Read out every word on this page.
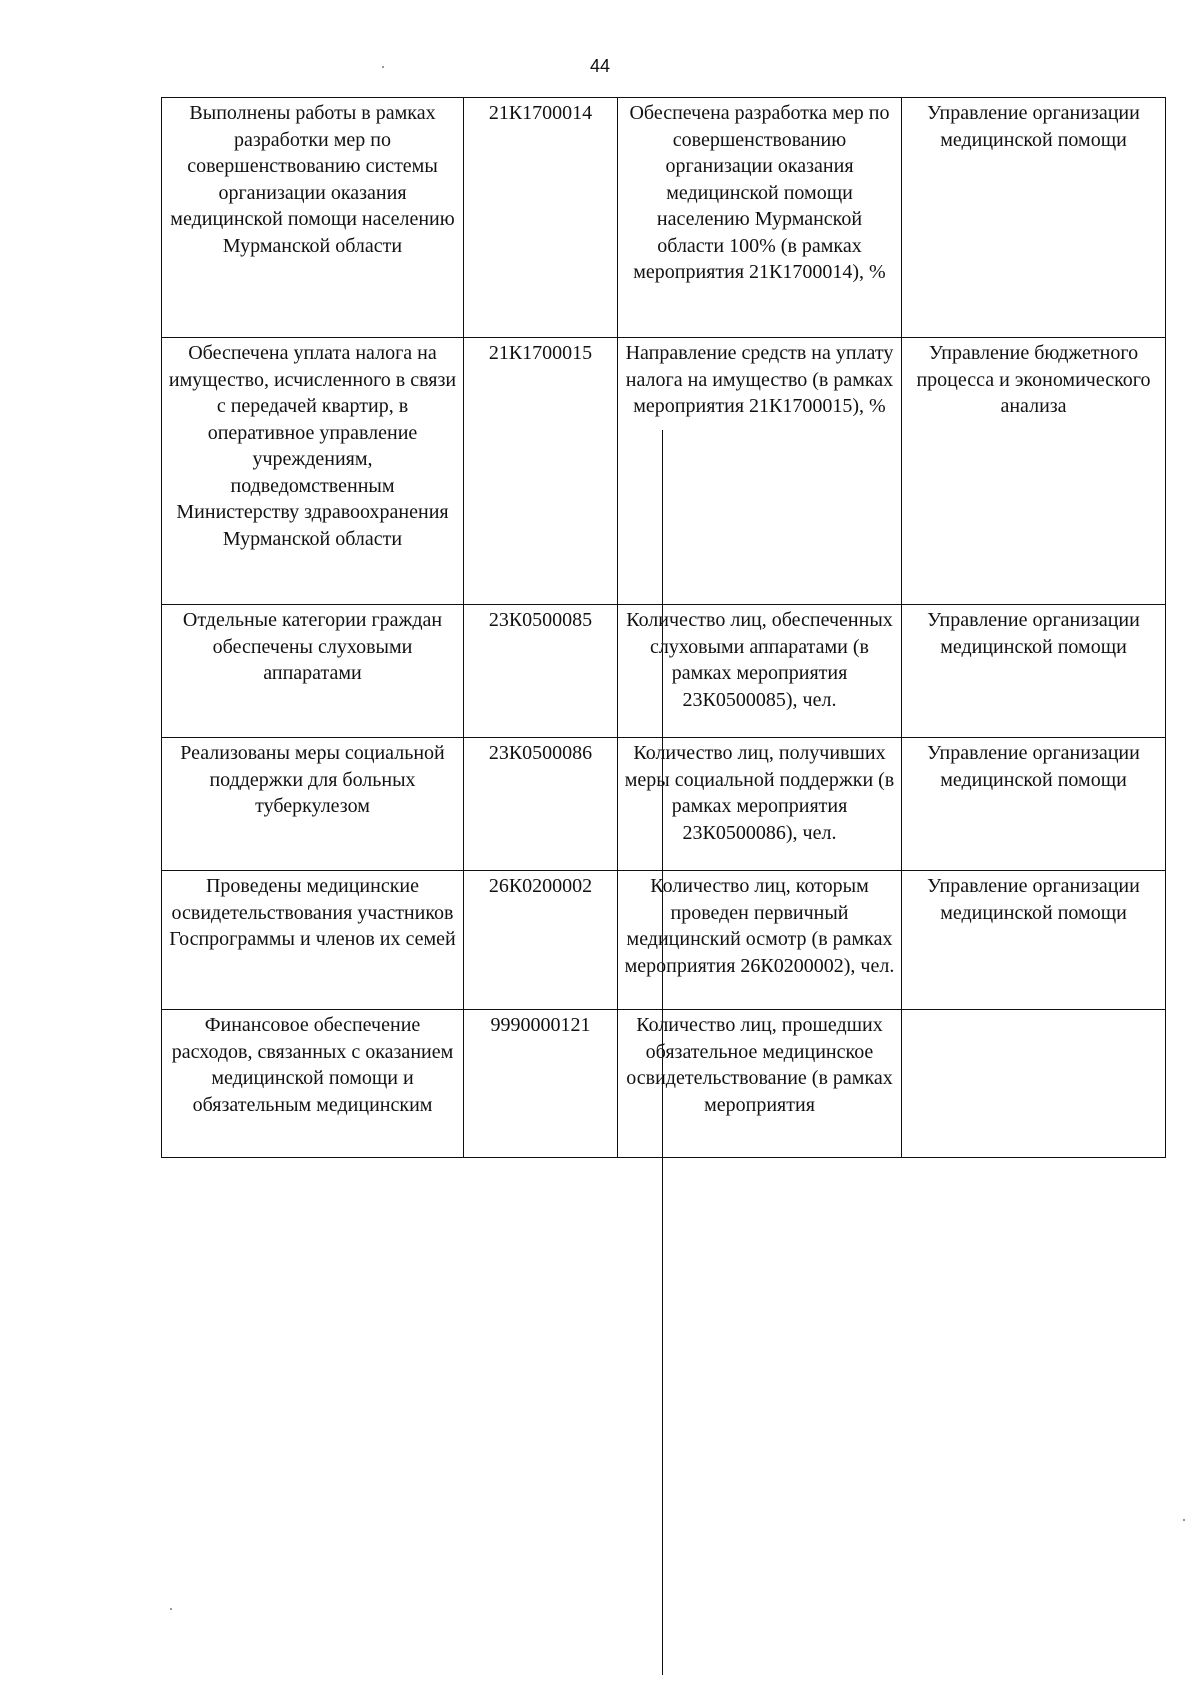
44
Выполнены работы в рамках разработки мер по совершенствованию системы организации оказания медицинской помощи населению Мурманской области	21К1700014	Обеспечена разработка мер по совершенствованию организации оказания медицинской помощи населению Мурманской области 100% (в рамках мероприятия 21К1700014), %	Управление организации медицинской помощи
Обеспечена уплата налога на имущество, исчисленного в связи с передачей квартир, в оперативное управление учреждениям, подведомственным Министерству здравоохранения Мурманской области	21К1700015	Направление средств на уплату налога на имущество (в рамках мероприятия 21К1700015), %	Управление бюджетного процесса и экономического анализа
Отдельные категории граждан обеспечены слуховыми аппаратами	23К0500085	Количество лиц, обеспеченных слуховыми аппаратами (в рамках мероприятия 23К0500085), чел.	Управление организации медицинской помощи
Реализованы меры социальной поддержки для больных туберкулезом	23К0500086	Количество лиц, получивших меры социальной поддержки (в рамках мероприятия 23К0500086), чел.	Управление организации медицинской помощи
Проведены медицинские освидетельствования участников Госпрограммы и членов их семей	26К0200002	Количество лиц, которым проведен первичный медицинский осмотр (в рамках мероприятия 26К0200002), чел.	Управление организации медицинской помощи
Финансовое обеспечение расходов, связанных с оказанием медицинской помощи и обязательным медицинским	9990000121	Количество лиц, прошедших обязательное медицинское освидетельствование (в рамках мероприятия	
